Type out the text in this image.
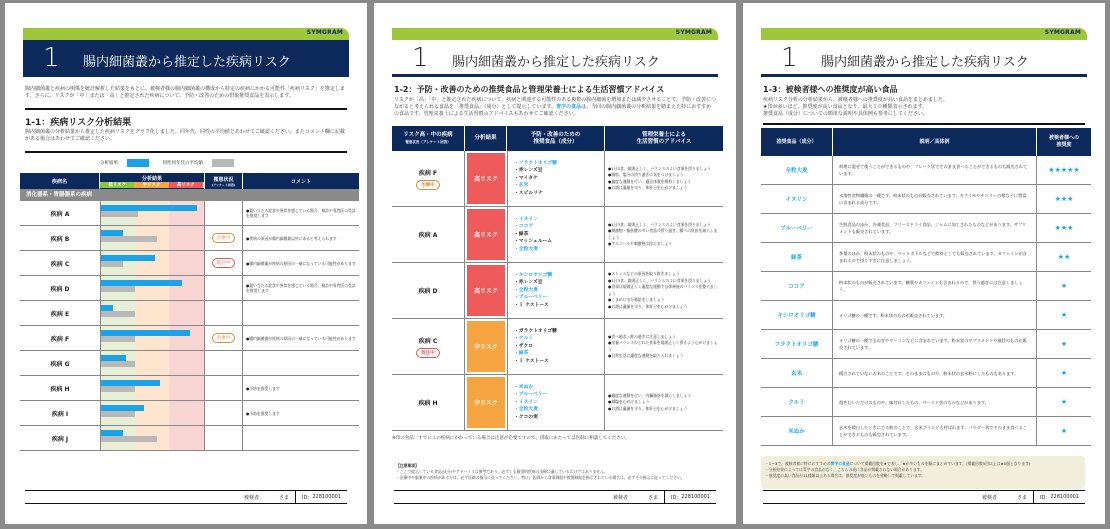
SYMGRAM
1 腸内細菌叢から推定した疾病リスク
腸内細菌叢と疾病の関係を統計解析した結果をもとに、被検者様の腸内細菌叢の構成から特定の疾病にかかる可能性「疾病リスク」を推定します。さらに、リスクが「中」または「高」と推定された疾病について、予防・改善のための摂取推奨食品を表示します。
1-1：疾病リスク分析結果
腸内細菌叢の分析結果から推定した疾病リスクをグラフ化しました。同年代、同性の平均値とあわせてご確認ください。またコメント欄に記載がある場合はあわせてご確認ください。
分析結果：	同性同年代の平均値：
疾病名	分析結果
低リスク	中リスク	高リスク
罹患状況
(アンケート回答)	コメント
消化器系・胃腸器系の疾病
疾病 A	●疑い当たる症状や異常を感じている場合、検診や専門医の受診を推奨します
疾病 B	治療中	●疾病の原因が腸内細菌叢以外にあると考えられます
疾病 C	既往中	●腸内細菌叢が疾病の原因の一端になっている可能性があります
疾病 D	●疑い当たる症状や異常を感じている場合、検診や専門医の受診を推奨します
疾病 E
疾病 F	治療中	●腸内細菌叢が疾病の原因の一端になっている可能性があります
疾病 G
疾病 H	●予防を推奨します
疾病 I	●予防を推奨します
疾病 J
被検者	さま	ID： 228100001
SYMGRAM
1 腸内細菌叢から推定した疾病リスク
1-2：予防・改善のための推奨食品と管理栄養士による生活習慣アドバイス
リスクが「高」「中」と推定された疾病について、疾病と関連する可能性のある複数の腸内細菌を増加または減少させることで、予防・改善につながると考えられる食品を「推奨食品」（成分）として提示しています。青字の食品は、今回の腸内細菌叢の分析結果を踏まえた特におすすめの食品です。管理栄養士による生活習慣のアドバイスもあわせてご確認ください。
リスク高・中の疾病
罹患状況（アンケート回答）
分析結果
予防・改善のための
推奨食品（成分）
管理栄養士による
生活習慣のアドバイス
疾病 F
治療中
高リスク
・フラクトオリゴ糖
・赤レンズ豆
・マイタケ
・玄米
・スピルリナ
●1日3食、規則正しく、バランスのよい食事を摂りましょう
●脂肪、塩分の摂り過ぎに気をつけましょう
●適度な運動を行い、適正体重を維持しましょう
●お酒は適量を守り、休肝日を心がけましょう
疾病 A	高リスク
・イヌリン
・ココア
・緑茶
・マッシュルーム
・全粒大麦
●1日3食、規則正しく、バランスのよい食事を摂りましょう
●刺激物・脂肪酸の多い食品の摂り過ぎ、腸への負担を減らしましょう
●アルコールや刺激物は控えましょう
疾病 D	高リスク
・キシロオリゴ糖
・赤レンズ豆
・全粒大麦
・ブルーベリー
・ミ ケストース
●ストレスなどの原因を取り除きましょう
●1日3食、規則正しく、バランスのよい食事を摂りましょう
●食事は規則正しく適度な運動で自律神経のバランスを整えましょう
●こまめに水分補給をしましょう
●お酒は適量を守り、休肝日を心がけましょう
疾病 C
既往中
中リスク
・ガラクトオリゴ糖
・クルミ
・ザクロ
・緑茶
・ミ ケストース
●食べ過ぎ・飲み過ぎに注意しましょう
●栄養バランスのとれた食事を規則正しく摂るよう心がけましょう
●日常生活に適度な運動を取り入れましょう
疾病 H	中リスク
・米ぬか
・ブルーベリー
・イヌリン
・全粒大麦
・クコの実
●適度な運動を行い、内臓脂肪を減らしましょう
●減塩を心がけましょう
●お酒は適量を守り、休肝日を心がけましょう
※印の食品：すでにこの疾病にかかっている場合は注意が必要ですので、摂取にあたっては医師に相談してください。
【注意事項】
・ここで提示している食品(成分)やアドバイスは参考であり、必ずしも個別的疾病の治療に適しているわけではありません。
・治療中や服薬中の疾病がある方は、必ず医師の指示に従ってください。特に、医師から食事制限や飲酒制限を指示されている場合は、必ずその指示に従ってください。
被検者	さま	ID： 228100001
SYMGRAM
1 腸内細菌叢から推定した疾病リスク
1-3：被検者様への推奨度が高い食品
疾病リスク分析の分析結果から、被検者様への推奨度が高い食品をまとめました。
★印が多いほど、推奨度が高い食品となり、最大１０種類表示されます。
推奨食品（成分）についての簡単な説明や具体例も参考にしてください。
推奨食品（成分）	説明／具体例
被検者様への
推奨度
全粒大麦
料理に混ぜて使うことができるものや、フレーク状でそのまま食べることができるものも販売されています。	★★★★★
イヌリン
水溶性食物繊維の一種です。粉末状のものが販売されています。キクイモやチコリーの根などに豊富に含まれる成分です。	★★★
ブルーベリー
生鮮食品のほか、冷凍食品、フリーズドライ食品、ジャムに加工されたものなどがあります。サプリメントも販売されています。	★★★
緑茶
茶葉のほか、粉末状のものや、ペットボトルなどで飲料としても販売されています。カフェインが含まれるので摂りすぎに注意しましょう。	★★
ココア
粉末状のものが販売されています。糖質やカフェインも含まれるので、摂り過ぎには注意しましょう。	★
キシロオリゴ糖	オリゴ糖の一種です。粉末状のものが販売されています。	★
フラクトオリゴ糖
オリゴ糖の一種で玉ねぎやヤーコンなどに含まれています。粉末状のサプリメントや液状のものが販売されています。	★
玄米	精白されていないお米のことです。そのままのものや、粉末状の玄米粉にしたものもあります。	★
クルミ	殻をむいただけのものや、味付けしたもの、ペースト状のものなどがあります。	★
米ぬか
玄米を精白したときにでる粉のことで、玄米ブランとも呼ばれます。パウダー状でそのまま食べることができるものも販売されています。	★
・1〜3で、被検者様に特におすすめの青字の食品について掲載回数を★で表し、★が多いものを順にまとめています。(掲載回数5回以上は★5個となります)
・分析結果によっては青字の食品がなく、こちらの表に食品が掲載されない場合があります。
・推奨度の高い食品が11種類以上ある場合は、推奨度が低いものを省略して掲載しています。
被検者	さま	ID： 228100001
